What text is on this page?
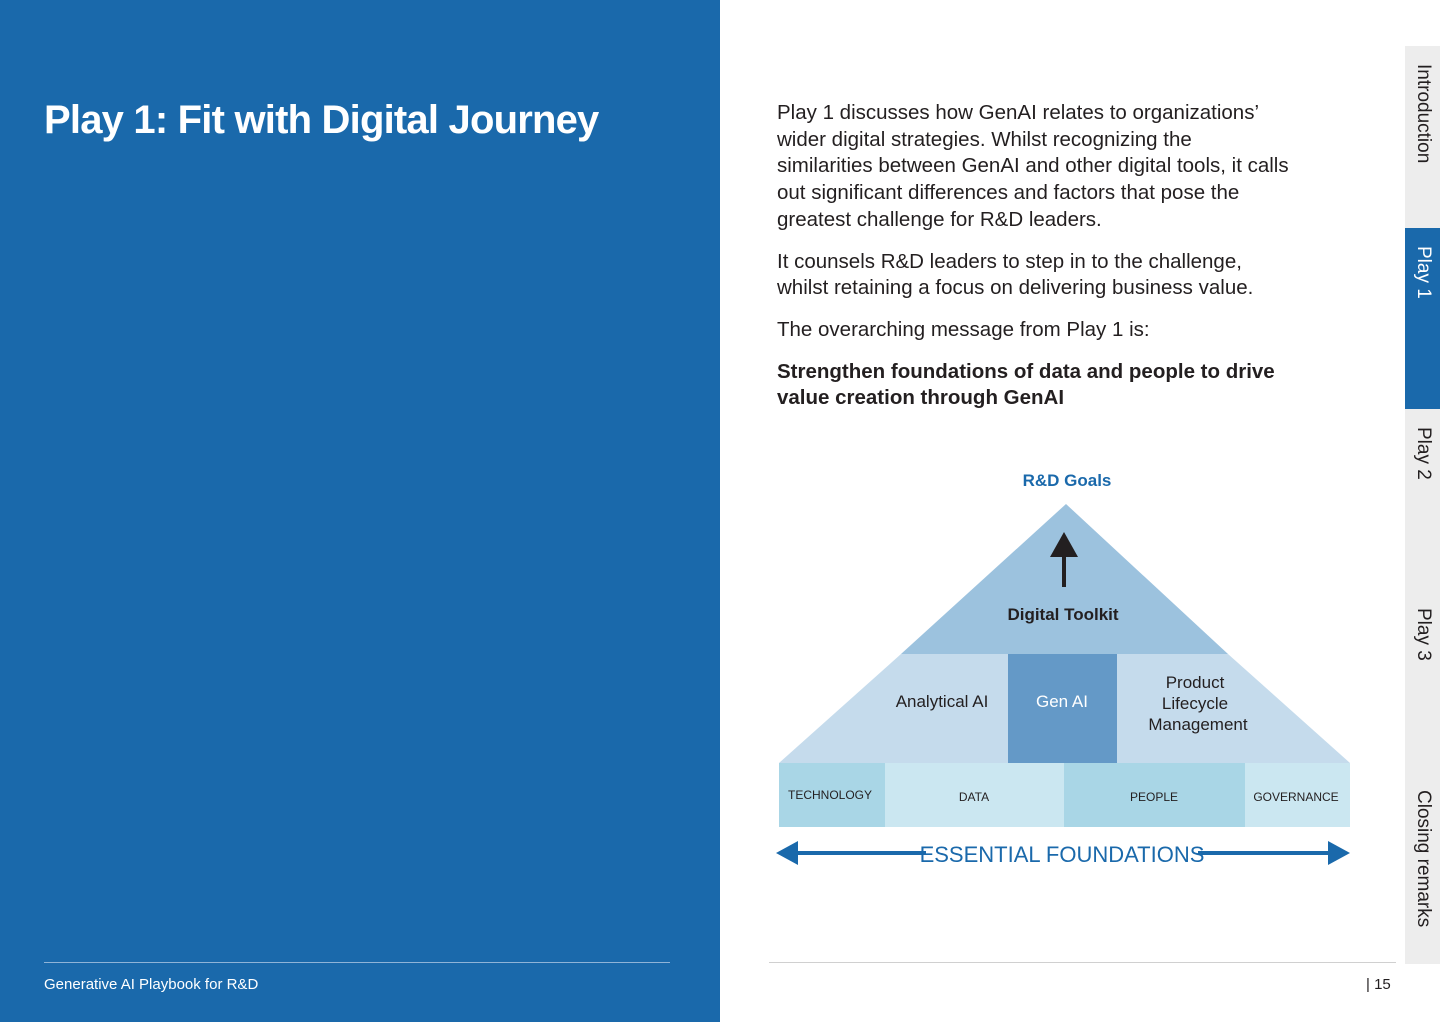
Play 1: Fit with Digital Journey
Generative AI Playbook for R&D

Play 1 discusses how GenAI relates to organizations’ wider digital strategies. Whilst recognizing the similarities between GenAI and other digital tools, it calls out significant differences and factors that pose the greatest challenge for R&D leaders.

It counsels R&D leaders to step in to the challenge, whilst retaining a focus on delivering business value.

The overarching message from Play 1 is:

Strengthen foundations of data and people to drive value creation through GenAI

R&D Goals
Digital Toolkit
Analytical AI	Gen AI
Product
Lifecycle
Management
TECHNOLOGY	DATA	PEOPLE	GOVERNANCE
ESSENTIAL FOUNDATIONS
| 15
Introduction
Play 1
Play 2
Play 3
Closing remarks
